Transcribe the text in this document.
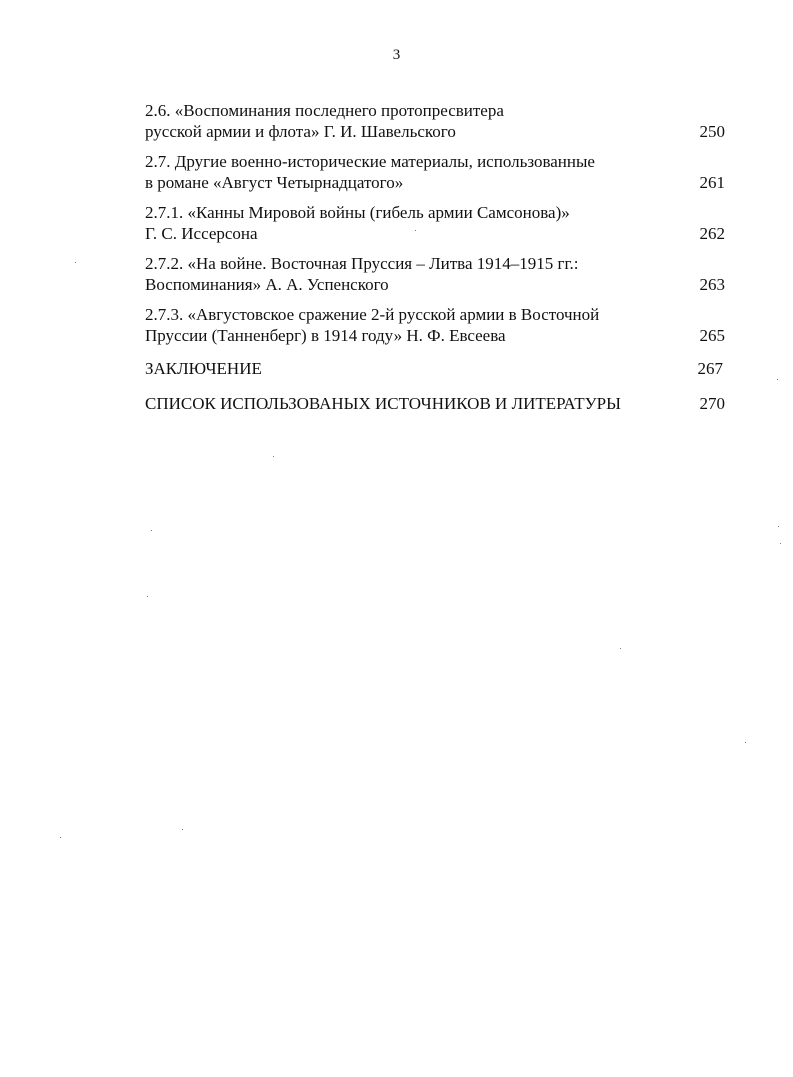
3
2.6. «Воспоминания последнего протопресвитера
русской армии и флота» Г. И. Шавельского	250
2.7. Другие военно-исторические материалы, использованные
в романе «Август Четырнадцатого»	261
2.7.1. «Канны Мировой войны (гибель армии Самсонова)»
Г. С. Иссерсона	262
2.7.2. «На войне. Восточная Пруссия – Литва 1914–1915 гг.:
Воспоминания» А. А. Успенского	263
2.7.3. «Августовское сражение 2-й русской армии в Восточной
Пруссии (Танненберг) в 1914 году» Н. Ф. Евсеева	265
ЗАКЛЮЧЕНИЕ	267
СПИСОК ИСПОЛЬЗОВАНЫХ ИСТОЧНИКОВ И ЛИТЕРАТУРЫ	270
